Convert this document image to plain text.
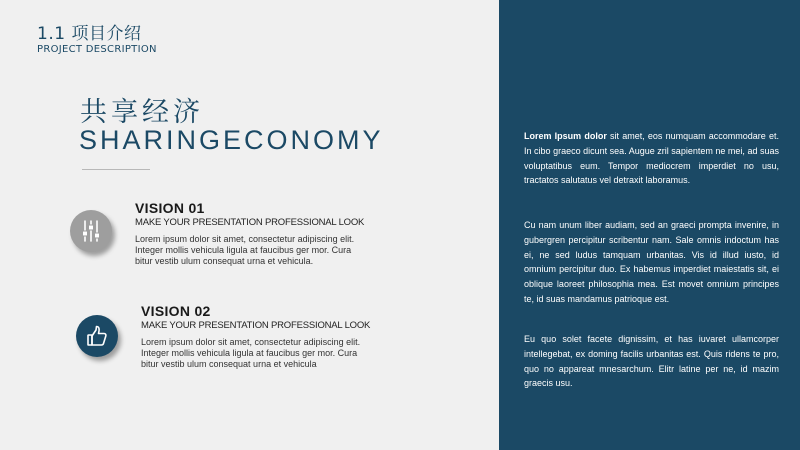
1.1 项目介绍
PROJECT DESCRIPTION
共享经济
SHARINGECONOMY
VISION 01
MAKE YOUR PRESENTATION PROFESSIONAL LOOK
Lorem ipsum dolor sit amet, consectetur adipiscing elit. Integer mollis vehicula ligula at faucibus ger mor. Cura bitur vestib ulum consequat urna et vehicula.
VISION 02
MAKE YOUR PRESENTATION PROFESSIONAL LOOK
Lorem ipsum dolor sit amet, consectetur adipiscing elit. Integer mollis vehicula ligula at faucibus ger mor. Cura bitur vestib ulum consequat urna et vehicula
Lorem Ipsum dolor sit amet, eos numquam accommodare et. In cibo graeco dicunt sea. Augue zril sapientem ne mei, ad suas voluptatibus eum. Tempor mediocrem imperdiet no usu, tractatos salutatus vel detraxit laboramus.
Cu nam unum liber audiam, sed an graeci prompta invenire, in gubergren percipitur scribentur nam. Sale omnis indoctum has ei, ne sed ludus tamquam urbanitas. Vis id illud iusto, id omnium percipitur duo. Ex habemus imperdiet maiestatis sit, ei oblique laoreet philosophia mea. Est movet omnium principes te, id suas mandamus patrioque est.
Eu quo solet facete dignissim, et has iuvaret ullamcorper intellegebat, ex doming facilis urbanitas est. Quis ridens te pro, quo no appareat mnesarchum. Elitr latine per ne, id mazim graecis usu.
